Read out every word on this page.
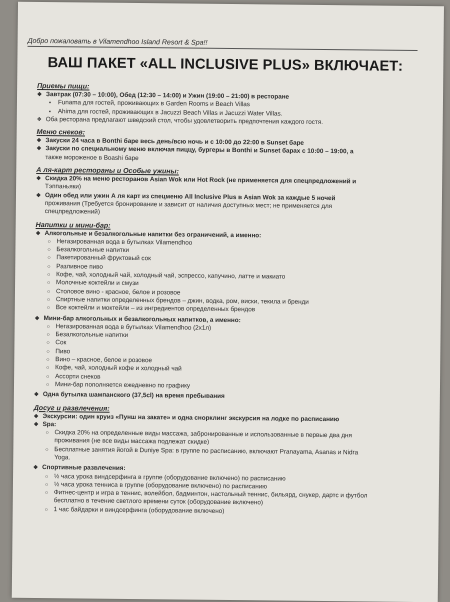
Добро пожаловать в Vilamendhoo Island Resort & Spa!!
ВАШ ПАКЕТ «ALL INCLUSIVE PLUS» ВКЛЮЧАЕТ:
Приемы пищи:
❖ Завтрак (07:30 – 10:00), Обед (12:30 – 14:00) и Ужин (19:00 – 21:00) в ресторане
▪ Funama для гостей, проживающих в Garden Rooms и Beach Villas
▪ Ahima для гостей, проживающих в Jacuzzi Beach Villas и Jacuzzi Water Villas.
❖ Оба ресторана предлагают шведский стол, чтобы удовлетворить предпочтения каждого гостя.
Меню снеков:
❖ Закуски 24 часа в Bonthi баре весь день/всю ночь и с 10:00 до 22:00 в Sunset баре
❖ Закуски по специальному меню включая пиццу, бургеры в Bonthi и Sunset барах с 10:00 – 19:00, а
также мороженое в Boashi баре
А ля-карт рестораны и Особые ужины:
❖ Скидка 20% на меню ресторанов Asian Wok или Hot Rock (не применяется для спецпредложений и
Тэппаньяки)
❖ Один обед или ужин А ля карт из спецменю All Inclusive Plus в Asian Wok за каждые 5 ночей
проживания (Требуется бронирование и зависит от наличия доступных мест; не применяется для
спецпредложений)
Напитки и мини-бар:
❖ Алкогольные и безалкогольные напитки без ограничений, а именно:
○ Негазированная вода в бутылках Vilamendhoo
○ Безалкогольные напитки
○ Пакетированный фруктовый сок
○ Разливное пиво
○ Кофе, чай, холодный чай, холодный чай, эспрессо, капучино, латте и макиато
○ Молочные коктейли и смузи
○ Столовое вино - красное, белое и розовое
○ Спиртные напитки определенных брендов – джин, водка, ром, виски, текила и бренди
○ Все коктейли и моктейли – из ингредиентов определенных брендов
❖ Мини-бар алкогольных и безалкогольных напитков, а именно:
○ Негазированная вода в бутылках Vilamendhoo (2x1л)
○ Безалкогольные напитки
○ Сок
○ Пиво
○ Вино – красное, белое и розовое
○ Кофе, чай, холодный кофе и холодный чай
○ Ассорти снеков
○ Мини-бар пополняется ежедневно по графику
❖ Одна бутылка шампанского (37,5cl) на время пребывания
Досуг и развлечения:
❖ Экскурсии: один круиз «Пунш на закате» и одна снорклинг экскурсия на лодке по расписанию
❖ Spa:
○ Скидка 20% на определенные виды массажа, забронированные и использованные в первые два дня
проживания (не все виды массажа подлежат скидке)
○ Бесплатные занятия йогой в Duniye Spa: в группе по расписанию, включают Pranayama, Asanas и Nidra
Yoga.
❖ Спортивные развлечения:
○ ½ часа урока виндсерфинга в группе (оборудование включено) по расписанию
○ ½ часа урока тенниса в группе (оборудование включено) по расписанию
○ Фитнес-центр и игра в теннис, волейбол, бадминтон, настольный теннис, бильярд, снукер, дартс и футбол
бесплатно в течение светлого времени суток (оборудование включено)
○ 1 час байдарки и виндсерфинга (оборудование включено)
